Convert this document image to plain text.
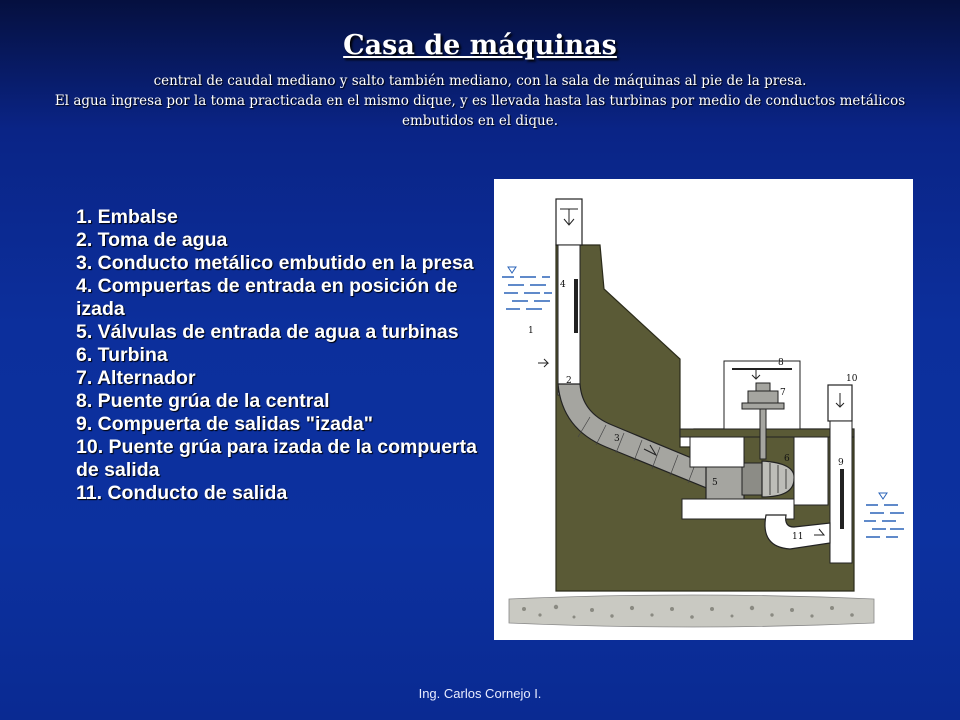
Casa de máquinas

central de caudal mediano y salto también mediano, con la sala de máquinas al pie de la presa.

El agua ingresa por la toma practicada en el mismo dique, y es llevada hasta las turbinas por medio de conductos metálicos embutidos en el dique.

1. Embalse
2. Toma de agua
3. Conducto metálico embutido en la presa
4. Compuertas de entrada en posición de izada
5. Válvulas de entrada de agua a turbinas
6. Turbina
7. Alternador
8. Puente grúa de la central
9. Compuerta de salidas "izada"
10. Puente grúa para izada de la compuerta de salida
11. Conducto de salida
1
2
3
4
5
6
7
8
9
10
11
Ing. Carlos Cornejo I.
